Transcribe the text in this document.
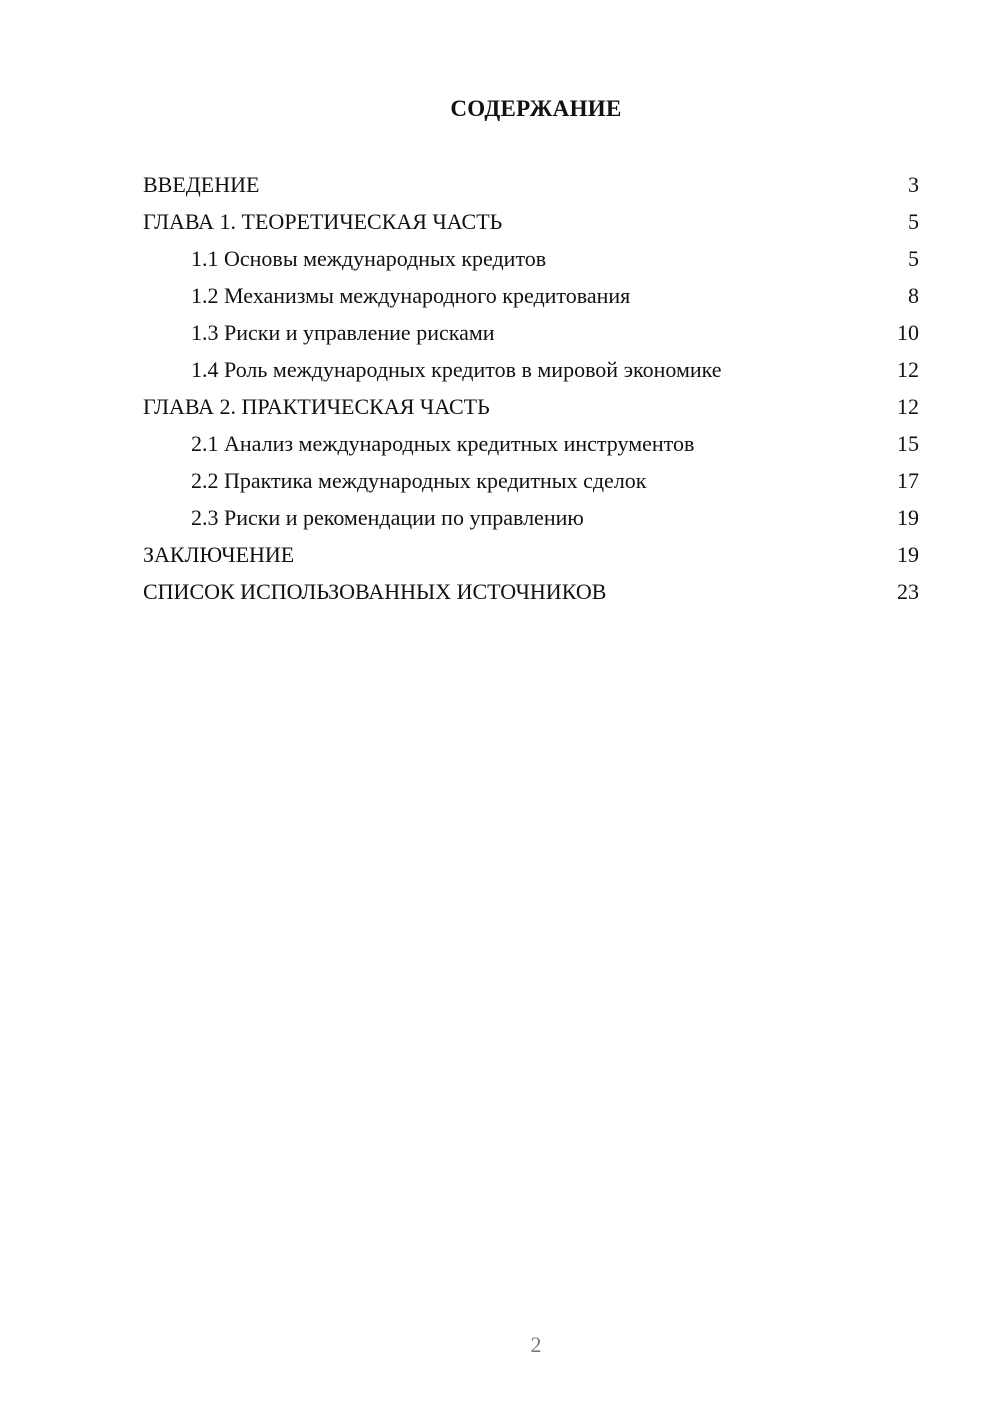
СОДЕРЖАНИЕ
ВВЕДЕНИЕ	3
ГЛАВА 1. ТЕОРЕТИЧЕСКАЯ ЧАСТЬ	5
1.1 Основы международных кредитов	5
1.2 Механизмы международного кредитования	8
1.3 Риски и управление рисками	10
1.4 Роль международных кредитов в мировой экономике	12
ГЛАВА 2. ПРАКТИЧЕСКАЯ ЧАСТЬ	12
2.1 Анализ международных кредитных инструментов	15
2.2 Практика международных кредитных сделок	17
2.3 Риски и рекомендации по управлению	19
ЗАКЛЮЧЕНИЕ	19
СПИСОК ИСПОЛЬЗОВАННЫХ ИСТОЧНИКОВ	23
2
